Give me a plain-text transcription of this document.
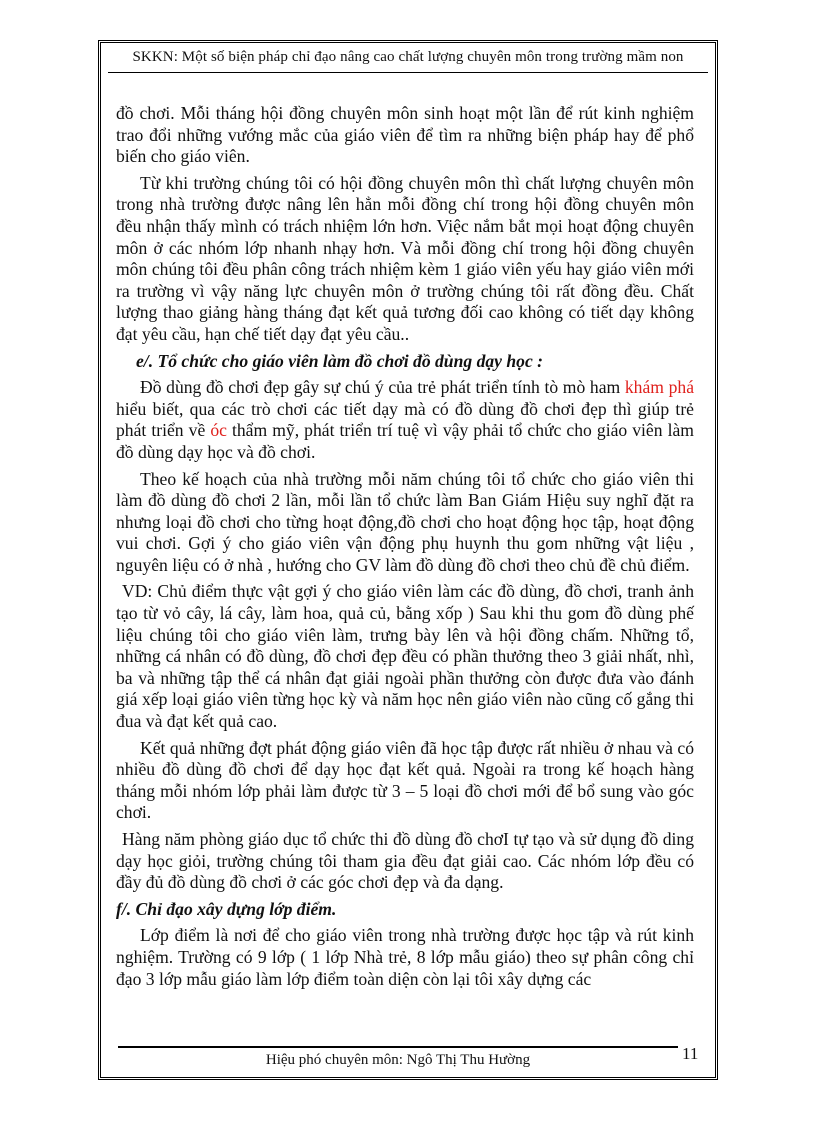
SKKN: Một số biện pháp chỉ đạo nâng cao chất lượng chuyên môn trong trường mầm non

đồ chơi. Mỗi tháng hội đồng chuyên môn sinh hoạt một lần để rút kinh nghiệm trao đổi những vướng mắc của giáo viên để tìm ra những biện pháp hay để phổ biến cho giáo viên.

Từ khi trường chúng tôi có hội đồng chuyên môn thì chất lượng chuyên môn trong nhà trường được nâng lên hẳn mỗi đồng chí trong hội đồng chuyên môn đều nhận thấy mình có trách nhiệm lớn hơn. Việc nắm bắt mọi hoạt động chuyên môn ở các nhóm lớp nhanh nhạy hơn. Và mỗi đồng chí trong hội đồng chuyên môn chúng tôi đều phân công trách nhiệm kèm 1 giáo viên yếu hay giáo viên mới ra trường vì vậy năng lực chuyên môn ở trường chúng tôi rất đồng đều. Chất lượng thao giảng hàng tháng đạt kết quả tương đối cao không có tiết dạy không đạt yêu cầu, hạn chế tiết dạy đạt yêu cầu..

e/. Tổ chức cho giáo viên làm đồ chơi đồ dùng dạy học :

Đồ dùng đồ chơi đẹp gây sự chú ý của trẻ phát triển tính tò mò ham khám phá hiểu biết, qua các trò chơi các tiết dạy mà có đồ dùng đồ chơi đẹp thì giúp trẻ phát triển về óc thẩm mỹ, phát triển trí tuệ vì vậy phải tổ chức cho giáo viên làm đồ dùng dạy học và đồ chơi.

Theo kế hoạch của nhà trường mỗi năm chúng tôi tổ chức cho giáo viên thi làm đồ dùng đồ chơi 2 lần, mỗi lần tổ chức làm Ban Giám Hiệu suy nghĩ đặt ra nhưng loại đồ chơi cho từng hoạt động,đồ chơi cho hoạt động học tập, hoạt động vui chơi. Gợi ý cho giáo viên vận động phụ huynh thu gom những vật liệu , nguyên liệu có ở nhà , hướng cho GV làm đồ dùng đồ chơi theo chủ đề chủ điểm.

VD: Chủ điểm thực vật gợi ý cho giáo viên làm các đồ dùng, đồ chơi, tranh ảnh tạo từ vỏ cây, lá cây, làm hoa, quả củ, bằng xốp ) Sau khi thu gom đồ dùng phế liệu chúng tôi cho giáo viên làm, trưng bày lên và hội đồng chấm. Những tổ, những cá nhân có đồ dùng, đồ chơi đẹp đều có phần thưởng theo 3 giải nhất, nhì, ba và những tập thể cá nhân đạt giải ngoài phần thưởng còn được đưa vào đánh giá xếp loại giáo viên từng học kỳ và năm học nên giáo viên nào cũng cố gắng thi đua và đạt kết quả cao.

Kết quả những đợt phát động giáo viên đã học tập được rất nhiều ở nhau và có nhiều đồ dùng đồ chơi để dạy học đạt kết quả. Ngoài ra trong kế hoạch hàng tháng mỗi nhóm lớp phải làm được từ 3 – 5 loại đồ chơi mới để bổ sung vào góc chơi.

Hàng năm phòng giáo dục tổ chức thi đồ dùng đồ chơI tự tạo và sử dụng đồ ding dạy học giỏi, trường chúng tôi tham gia đều đạt giải cao. Các nhóm lớp đều có đầy đủ đồ dùng đồ chơi ở các góc chơi đẹp và đa dạng.

f/. Chỉ đạo xây dựng lớp điểm.

Lớp điểm là nơi để cho giáo viên trong nhà trường được học tập và rút kinh nghiệm. Trường có 9 lớp ( 1 lớp Nhà trẻ, 8 lớp mẫu giáo) theo sự phân công chỉ đạo 3 lớp mẫu giáo làm lớp điểm toàn diện còn lại tôi xây dựng các

Hiệu phó chuyên môn: Ngô Thị Thu Hường	11
